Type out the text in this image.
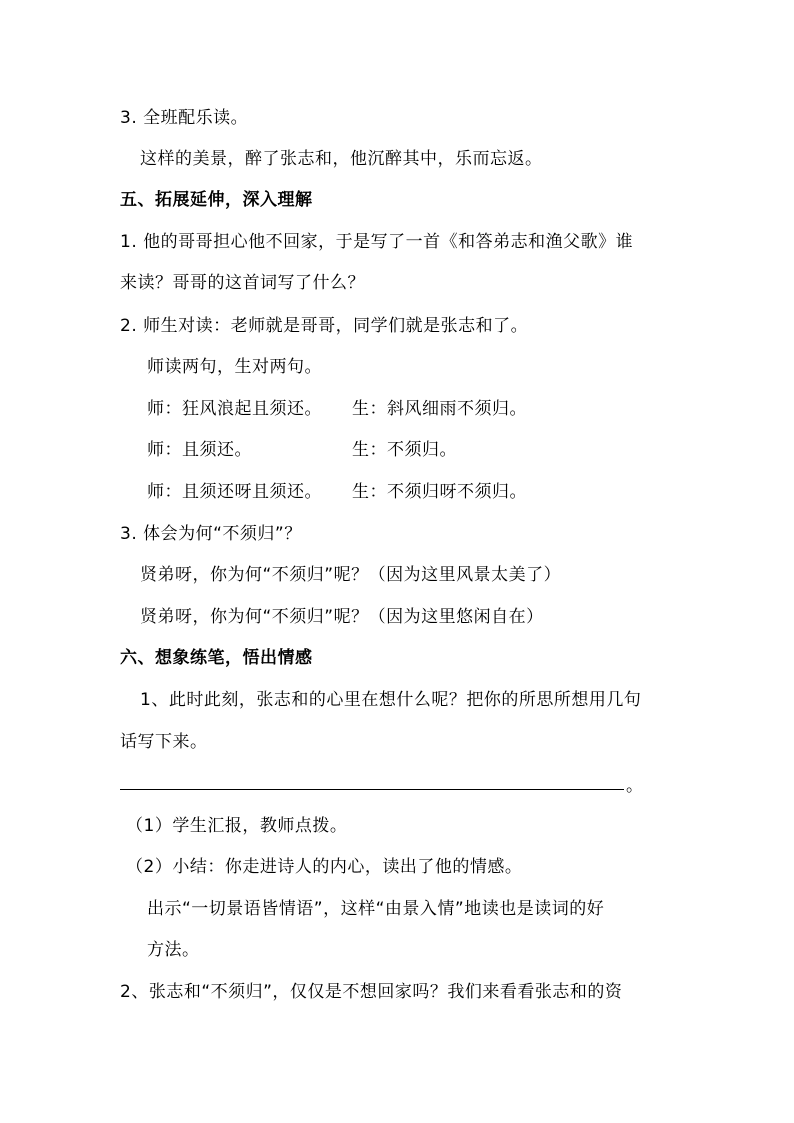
3. 全班配乐读。
这样的美景，醉了张志和，他沉醉其中，乐而忘返。
五、拓展延伸，深入理解
1. 他的哥哥担心他不回家，于是写了一首《和答弟志和渔父歌》谁
来读？哥哥的这首词写了什么？
2. 师生对读：老师就是哥哥，同学们就是张志和了。
师读两句，生对两句。
师：狂风浪起且须还。 生：斜风细雨不须归。
师：且须还。	生：不须归。
师：且须还呀且须还。 生：不须归呀不须归。
3. 体会为何“不须归”？
贤弟呀，你为何“不须归”呢？（因为这里风景太美了）
贤弟呀，你为何“不须归”呢？（因为这里悠闲自在）
六、想象练笔，悟出情感
1、此时此刻，张志和的心里在想什么呢？把你的所思所想用几句
话写下来。
。
（1）学生汇报，教师点拨。
（2）小结：你走进诗人的内心，读出了他的情感。
出示“一切景语皆情语”，这样“由景入情”地读也是读词的好
方法。
2、张志和“不须归”，仅仅是不想回家吗？我们来看看张志和的资
